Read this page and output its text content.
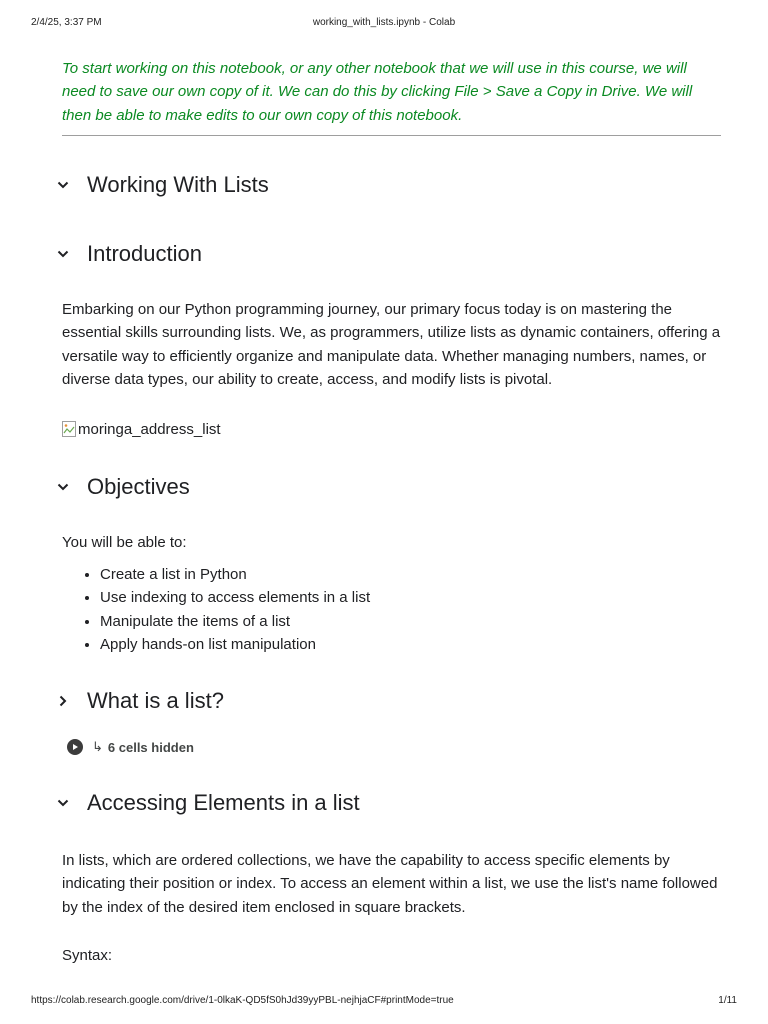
2/4/25, 3:37 PM	working_with_lists.ipynb - Colab
To start working on this notebook, or any other notebook that we will use in this course, we will need to save our own copy of it. We can do this by clicking File > Save a Copy in Drive. We will then be able to make edits to our own copy of this notebook.
Working With Lists
Introduction
Embarking on our Python programming journey, our primary focus today is on mastering the essential skills surrounding lists. We, as programmers, utilize lists as dynamic containers, offering a versatile way to efficiently organize and manipulate data. Whether managing numbers, names, or diverse data types, our ability to create, access, and modify lists is pivotal.
moringa_address_list
Objectives
You will be able to:
• Create a list in Python
• Use indexing to access elements in a list
• Manipulate the items of a list
• Apply hands-on list manipulation
What is a list?
↳ 6 cells hidden
Accessing Elements in a list
In lists, which are ordered collections, we have the capability to access specific elements by indicating their position or index. To access an element within a list, we use the list's name followed by the index of the desired item enclosed in square brackets.
Syntax:
https://colab.research.google.com/drive/1-0lkaK-QD5fS0hJd39yyPBL-nejhjaCF#printMode=true	1/11
